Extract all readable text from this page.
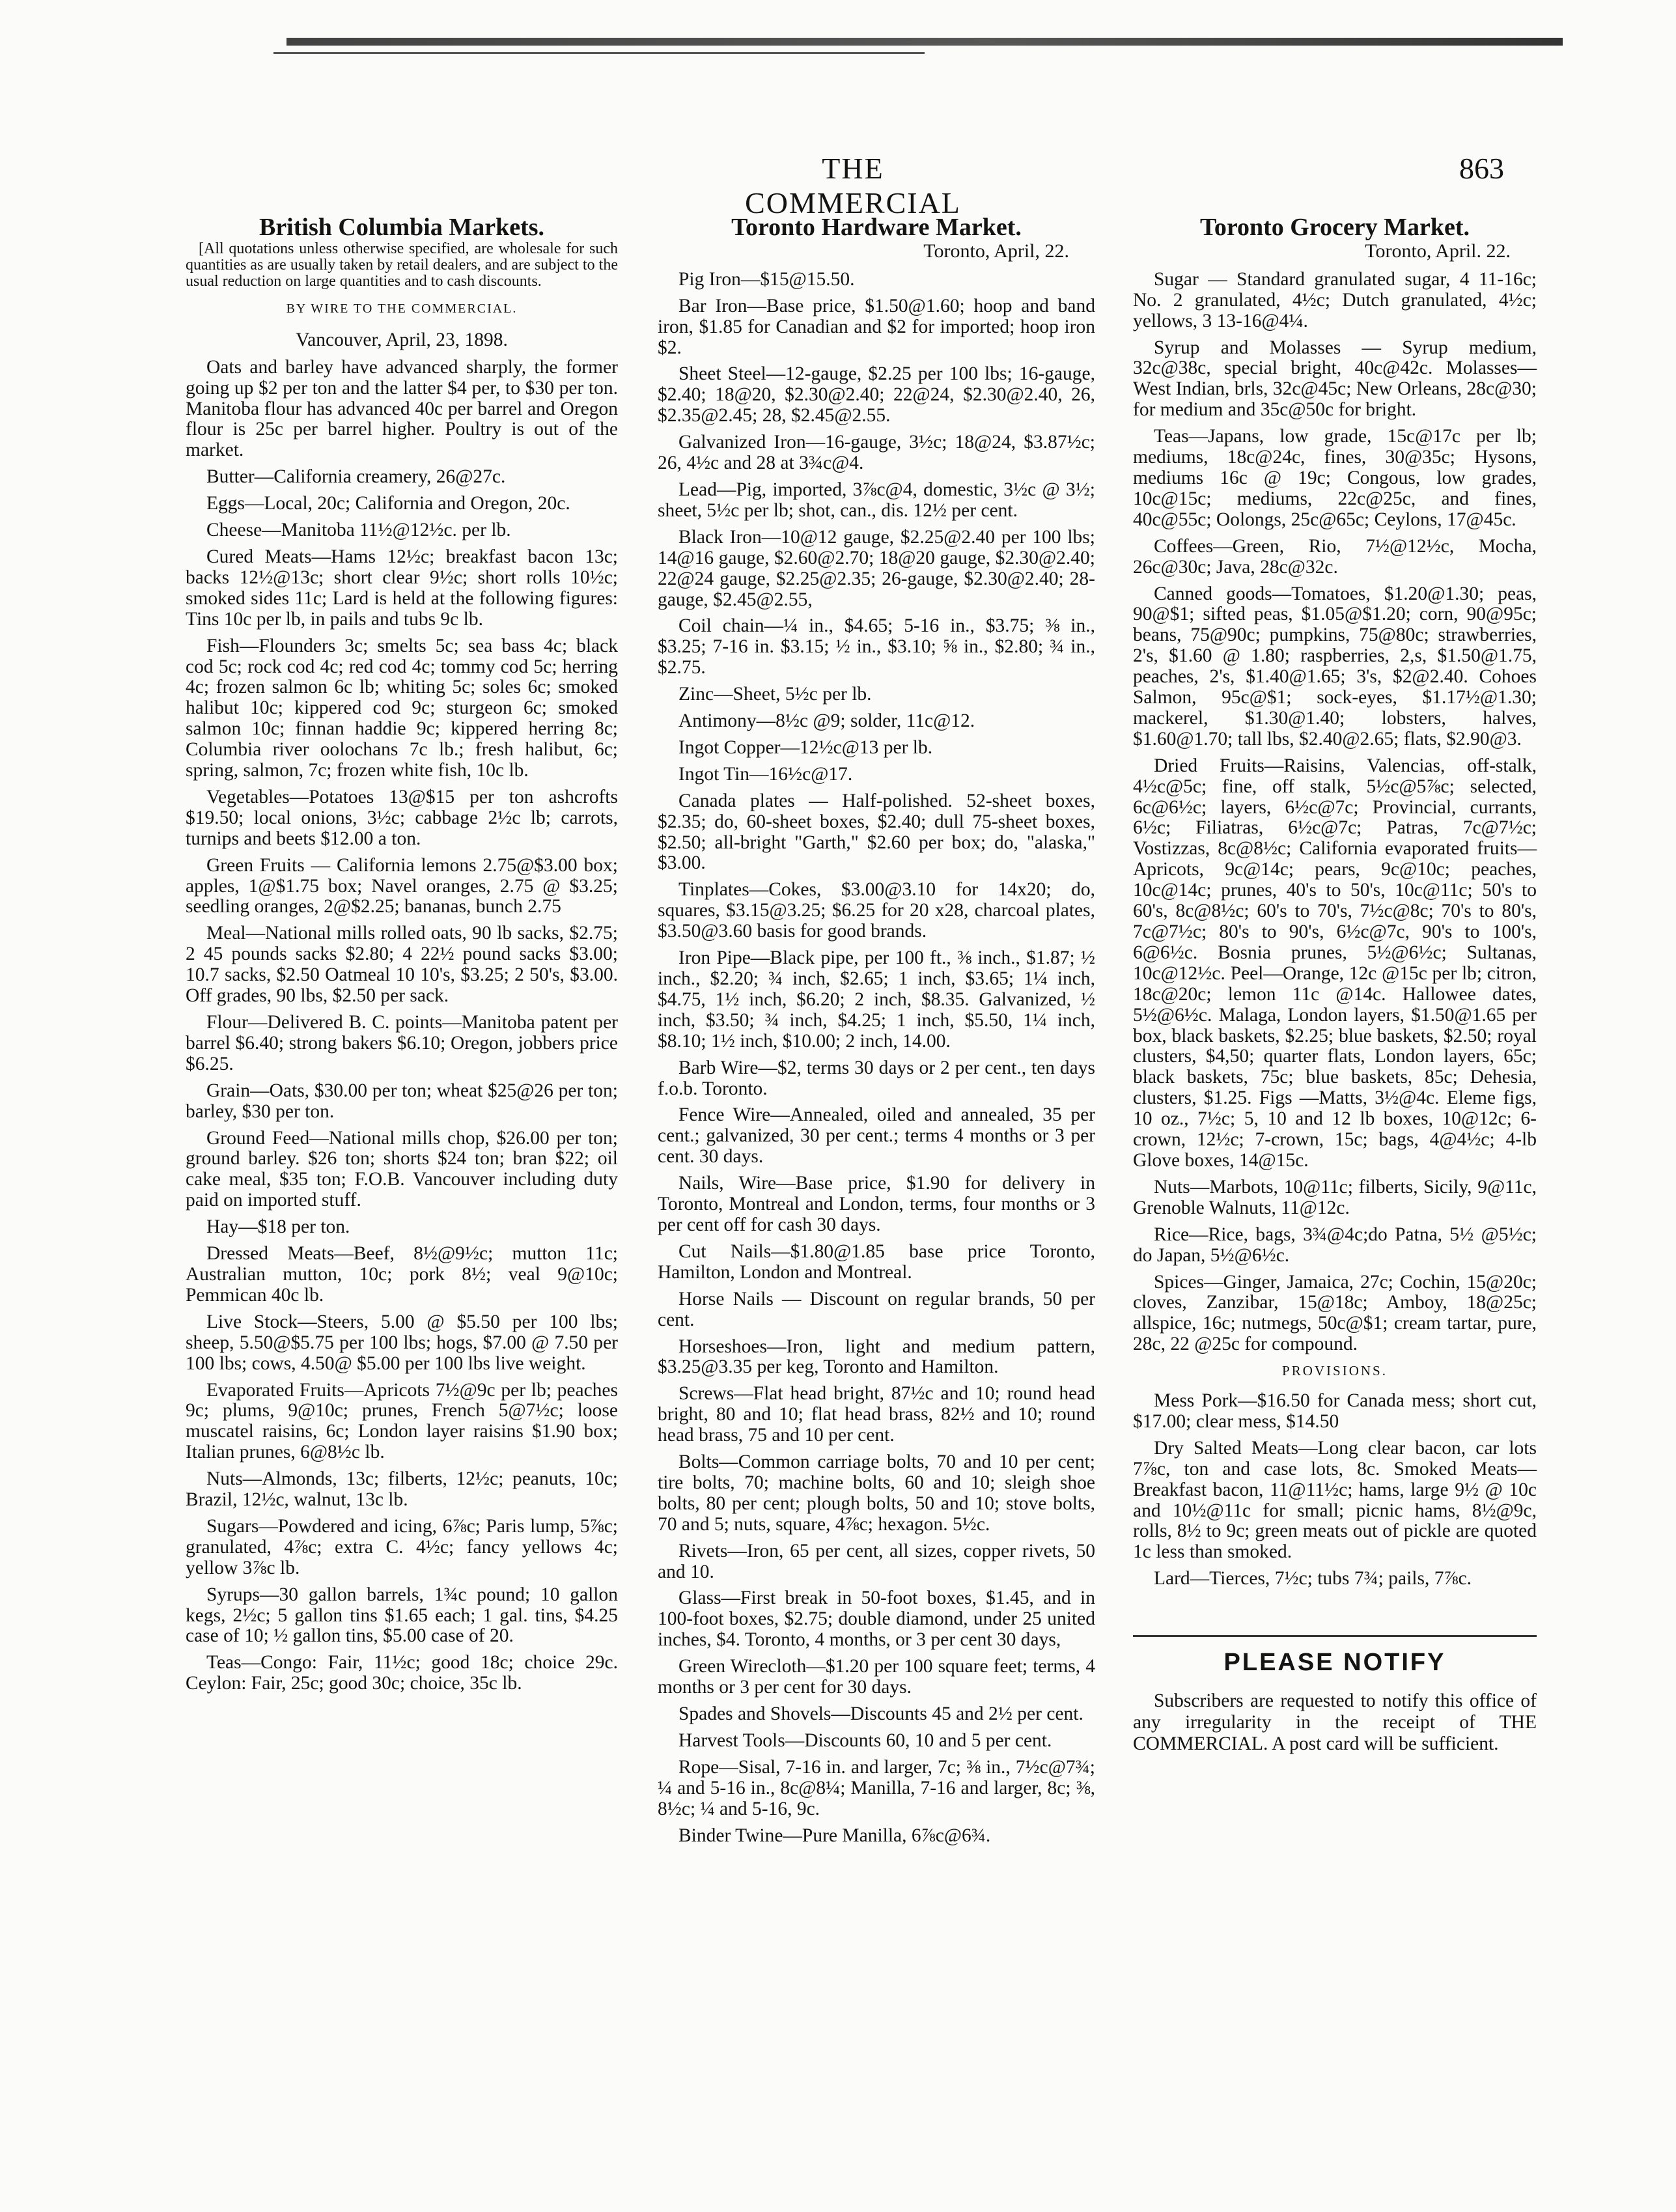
THE COMMERCIAL
863
British Columbia Markets.
[All quotations unless otherwise specified, are wholesale for such quantities as are usually taken by retail dealers, and are subject to the usual reduction on large quantities and to cash discounts.
BY WIRE TO THE COMMERCIAL.
Vancouver, April, 23, 1898.

Oats and barley have advanced sharply, the former going up $2 per ton and the latter $4 per, to $30 per ton. Manitoba flour has advanced 40c per barrel and Oregon flour is 25c per barrel higher. Poultry is out of the market.

Butter—California creamery, 26@27c.

Eggs—Local, 20c; California and Oregon, 20c.

Cheese—Manitoba 11½@12½c. per lb.

Cured Meats—Hams 12½c; breakfast bacon 13c; backs 12½@13c; short clear 9½c; short rolls 10½c; smoked sides 11c; Lard is held at the following figures: Tins 10c per lb, in pails and tubs 9c lb.

Fish—Flounders 3c; smelts 5c; sea bass 4c; black cod 5c; rock cod 4c; red cod 4c; tommy cod 5c; herring 4c; frozen salmon 6c lb; whiting 5c; soles 6c; smoked halibut 10c; kippered cod 9c; sturgeon 6c; smoked salmon 10c; finnan haddie 9c; kippered herring 8c; Columbia river oolochans 7c lb.; fresh halibut, 6c; spring, salmon, 7c; frozen white fish, 10c lb.

Vegetables—Potatoes 13@$15 per ton ashcrofts $19.50; local onions, 3½c; cabbage 2½c lb; carrots, turnips and beets $12.00 a ton.

Green Fruits — California lemons 2.75@$3.00 box; apples, 1@$1.75 box; Navel oranges, 2.75 @ $3.25; seedling oranges, 2@$2.25; bananas, bunch 2.75

Meal—National mills rolled oats, 90 lb sacks, $2.75; 2 45 pounds sacks $2.80; 4 22½ pound sacks $3.00; 10.7 sacks, $2.50 Oatmeal 10 10's, $3.25; 2 50's, $3.00. Off grades, 90 lbs, $2.50 per sack.

Flour—Delivered B. C. points—Manitoba patent per barrel $6.40; strong bakers $6.10; Oregon, jobbers price $6.25.

Grain—Oats, $30.00 per ton; wheat $25@26 per ton; barley, $30 per ton.

Ground Feed—National mills chop, $26.00 per ton; ground barley. $26 ton; shorts $24 ton; bran $22; oil cake meal, $35 ton; F.O.B. Vancouver including duty paid on imported stuff.

Hay—$18 per ton.

Dressed Meats—Beef, 8½@9½c; mutton 11c; Australian mutton, 10c; pork 8½; veal 9@10c; Pemmican 40c lb.

Live Stock—Steers, 5.00 @ $5.50 per 100 lbs; sheep, 5.50@$5.75 per 100 lbs; hogs, $7.00 @ 7.50 per 100 lbs; cows, 4.50@ $5.00 per 100 lbs live weight.

Evaporated Fruits—Apricots 7½@9c per lb; peaches 9c; plums, 9@10c; prunes, French 5@7½c; loose muscatel raisins, 6c; London layer raisins $1.90 box; Italian prunes, 6@8½c lb.

Nuts—Almonds, 13c; filberts, 12½c; peanuts, 10c; Brazil, 12½c, walnut, 13c lb.

Sugars—Powdered and icing, 6⅞c; Paris lump, 5⅞c; granulated, 4⅞c; extra C. 4½c; fancy yellows 4c; yellow 3⅞c lb.

Syrups—30 gallon barrels, 1¾c pound; 10 gallon kegs, 2½c; 5 gallon tins $1.65 each; 1 gal. tins, $4.25 case of 10; ½ gallon tins, $5.00 case of 20.

Teas—Congo: Fair, 11½c; good 18c; choice 29c. Ceylon: Fair, 25c; good 30c; choice, 35c lb.

Toronto Hardware Market.
Toronto, April, 22.

Pig Iron—$15@15.50.

Bar Iron—Base price, $1.50@1.60; hoop and band iron, $1.85 for Canadian and $2 for imported; hoop iron $2.

Sheet Steel—12-gauge, $2.25 per 100 lbs; 16-gauge, $2.40; 18@20, $2.30@2.40; 22@24, $2.30@2.40, 26, $2.35@2.45; 28, $2.45@2.55.

Galvanized Iron—16-gauge, 3½c; 18@24, $3.87½c; 26, 4½c and 28 at 3¾c@4.

Lead—Pig, imported, 3⅞c@4, domestic, 3½c @ 3½; sheet, 5½c per lb; shot, can., dis. 12½ per cent.

Black Iron—10@12 gauge, $2.25@2.40 per 100 lbs; 14@16 gauge, $2.60@2.70; 18@20 gauge, $2.30@2.40; 22@24 gauge, $2.25@2.35; 26-gauge, $2.30@2.40; 28-gauge, $2.45@2.55,

Coil chain—¼ in., $4.65; 5-16 in., $3.75; ⅜ in., $3.25; 7-16 in. $3.15; ½ in., $3.10; ⅝ in., $2.80; ¾ in., $2.75.

Zinc—Sheet, 5½c per lb.

Antimony—8½c @9; solder, 11c@12.

Ingot Copper—12½c@13 per lb.

Ingot Tin—16½c@17.

Canada plates — Half-polished. 52-sheet boxes, $2.35; do, 60-sheet boxes, $2.40; dull 75-sheet boxes, $2.50; all-bright "Garth," $2.60 per box; do, "alaska," $3.00.

Tinplates—Cokes, $3.00@3.10 for 14x20; do, squares, $3.15@3.25; $6.25 for 20 x28, charcoal plates, $3.50@3.60 basis for good brands.

Iron Pipe—Black pipe, per 100 ft., ⅜ inch., $1.87; ½ inch., $2.20; ¾ inch, $2.65; 1 inch, $3.65; 1¼ inch, $4.75, 1½ inch, $6.20; 2 inch, $8.35. Galvanized, ½ inch, $3.50; ¾ inch, $4.25; 1 inch, $5.50, 1¼ inch, $8.10; 1½ inch, $10.00; 2 inch, 14.00.

Barb Wire—$2, terms 30 days or 2 per cent., ten days f.o.b. Toronto.

Fence Wire—Annealed, oiled and annealed, 35 per cent.; galvanized, 30 per cent.; terms 4 months or 3 per cent. 30 days.

Nails, Wire—Base price, $1.90 for delivery in Toronto, Montreal and London, terms, four months or 3 per cent off for cash 30 days.

Cut Nails—$1.80@1.85 base price Toronto, Hamilton, London and Montreal.

Horse Nails — Discount on regular brands, 50 per cent.

Horseshoes—Iron, light and medium pattern, $3.25@3.35 per keg, Toronto and Hamilton.

Screws—Flat head bright, 87½c and 10; round head bright, 80 and 10; flat head brass, 82½ and 10; round head brass, 75 and 10 per cent.

Bolts—Common carriage bolts, 70 and 10 per cent; tire bolts, 70; machine bolts, 60 and 10; sleigh shoe bolts, 80 per cent; plough bolts, 50 and 10; stove bolts, 70 and 5; nuts, square, 4⅞c; hexagon. 5½c.

Rivets—Iron, 65 per cent, all sizes, copper rivets, 50 and 10.

Glass—First break in 50-foot boxes, $1.45, and in 100-foot boxes, $2.75; double diamond, under 25 united inches, $4. Toronto, 4 months, or 3 per cent 30 days,

Green Wirecloth—$1.20 per 100 square feet; terms, 4 months or 3 per cent for 30 days.

Spades and Shovels—Discounts 45 and 2½ per cent.

Harvest Tools—Discounts 60, 10 and 5 per cent.

Rope—Sisal, 7-16 in. and larger, 7c; ⅜ in., 7½c@7¾; ¼ and 5-16 in., 8c@8¼; Manilla, 7-16 and larger, 8c; ⅜, 8½c; ¼ and 5-16, 9c.

Binder Twine—Pure Manilla, 6⅞c@6¾.

Toronto Grocery Market.
Toronto, April. 22.

Sugar — Standard granulated sugar, 4 11-16c; No. 2 granulated, 4½c; Dutch granulated, 4½c; yellows, 3 13-16@4¼.

Syrup and Molasses — Syrup medium, 32c@38c, special bright, 40c@42c. Molasses—West Indian, brls, 32c@45c; New Orleans, 28c@30; for medium and 35c@50c for bright.

Teas—Japans, low grade, 15c@17c per lb; mediums, 18c@24c, fines, 30@35c; Hysons, mediums 16c @ 19c; Congous, low grades, 10c@15c; mediums, 22c@25c, and fines, 40c@55c; Oolongs, 25c@65c; Ceylons, 17@45c.

Coffees—Green, Rio, 7½@12½c, Mocha, 26c@30c; Java, 28c@32c.

Canned goods—Tomatoes, $1.20@1.30; peas, 90@$1; sifted peas, $1.05@$1.20; corn, 90@95c; beans, 75@90c; pumpkins, 75@80c; strawberries, 2's, $1.60 @ 1.80; raspberries, 2,s, $1.50@1.75, peaches, 2's, $1.40@1.65; 3's, $2@2.40. Cohoes Salmon, 95c@$1; sock-eyes, $1.17½@1.30; mackerel, $1.30@1.40; lobsters, halves, $1.60@1.70; tall lbs, $2.40@2.65; flats, $2.90@3.

Dried Fruits—Raisins, Valencias, off-stalk, 4½c@5c; fine, off stalk, 5½c@5⅞c; selected, 6c@6½c; layers, 6½c@7c; Provincial, currants, 6½c; Filiatras, 6½c@7c; Patras, 7c@7½c; Vostizzas, 8c@8½c; California evaporated fruits—Apricots, 9c@14c; pears, 9c@10c; peaches, 10c@14c; prunes, 40's to 50's, 10c@11c; 50's to 60's, 8c@8½c; 60's to 70's, 7½c@8c; 70's to 80's, 7c@7½c; 80's to 90's, 6½c@7c, 90's to 100's, 6@6½c. Bosnia prunes, 5½@6½c; Sultanas, 10c@12½c. Peel—Orange, 12c @15c per lb; citron, 18c@20c; lemon 11c @14c. Hallowee dates, 5½@6½c. Malaga, London layers, $1.50@1.65 per box, black baskets, $2.25; blue baskets, $2.50; royal clusters, $4,50; quarter flats, London layers, 65c; black baskets, 75c; blue baskets, 85c; Dehesia, clusters, $1.25. Figs —Matts, 3½@4c. Eleme figs, 10 oz., 7½c; 5, 10 and 12 lb boxes, 10@12c; 6-crown, 12½c; 7-crown, 15c; bags, 4@4½c; 4-lb Glove boxes, 14@15c.

Nuts—Marbots, 10@11c; filberts, Sicily, 9@11c, Grenoble Walnuts, 11@12c.

Rice—Rice, bags, 3¾@4c;do Patna, 5½ @5½c; do Japan, 5½@6½c.

Spices—Ginger, Jamaica, 27c; Cochin, 15@20c; cloves, Zanzibar, 15@18c; Amboy, 18@25c; allspice, 16c; nutmegs, 50c@$1; cream tartar, pure, 28c, 22 @25c for compound.

PROVISIONS.

Mess Pork—$16.50 for Canada mess; short cut, $17.00; clear mess, $14.50

Dry Salted Meats—Long clear bacon, car lots 7⅞c, ton and case lots, 8c. Smoked Meats—Breakfast bacon, 11@11½c; hams, large 9½ @ 10c and 10½@11c for small; picnic hams, 8½@9c, rolls, 8½ to 9c; green meats out of pickle are quoted 1c less than smoked.

Lard—Tierces, 7½c; tubs 7¾; pails, 7⅞c.

PLEASE NOTIFY
Subscribers are requested to notify this office of any irregularity in the receipt of THE COMMERCIAL. A post card will be sufficient.
